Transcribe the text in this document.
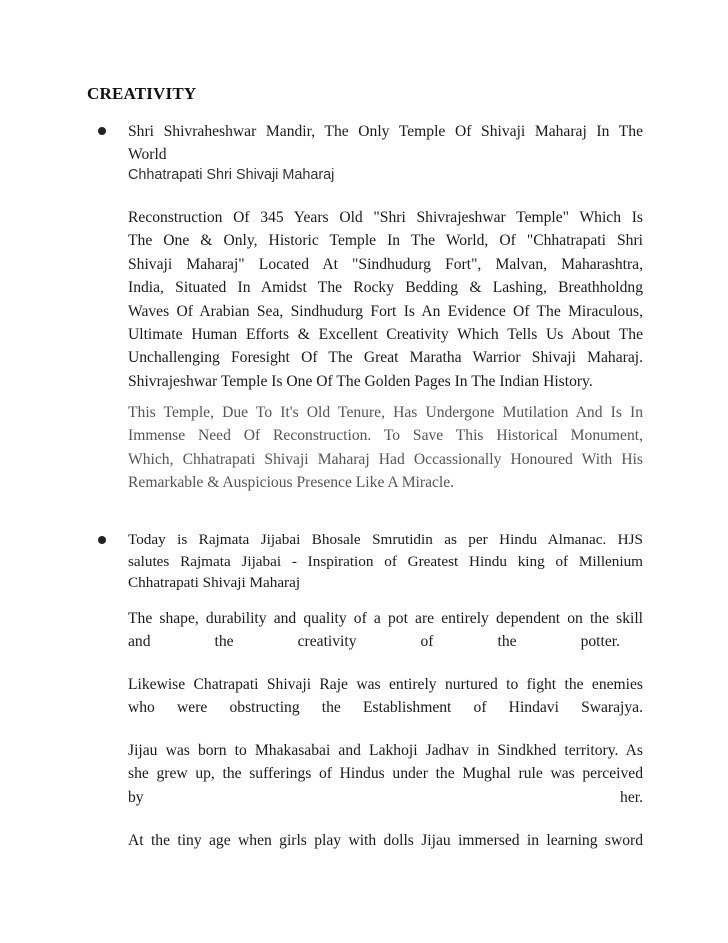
CREATIVITY
Shri Shivraheshwar Mandir, The Only Temple Of Shivaji Maharaj In The
World
Chhatrapati Shri Shivaji Maharaj
Reconstruction Of 345 Years Old "Shri Shivrajeshwar Temple" Which Is
The One & Only, Historic Temple In The World, Of "Chhatrapati Shri
Shivaji Maharaj" Located At "Sindhudurg Fort", Malvan, Maharashtra,
India, Situated In Amidst The Rocky Bedding & Lashing, Breathholdng
Waves Of Arabian Sea, Sindhudurg Fort Is An Evidence Of The Miraculous,
Ultimate Human Efforts & Excellent Creativity Which Tells Us About The
Unchallenging Foresight Of The Great Maratha Warrior Shivaji Maharaj.
Shivrajeshwar Temple Is One Of The Golden Pages In The Indian History.
This Temple, Due To It's Old Tenure, Has Undergone Mutilation And Is In
Immense Need Of Reconstruction. To Save This Historical Monument,
Which, Chhatrapati Shivaji Maharaj Had Occassionally Honoured With His
Remarkable & Auspicious Presence Like A Miracle.
Today is Rajmata Jijabai Bhosale Smrutidin as per Hindu Almanac. HJS
salutes Rajmata Jijabai - Inspiration of Greatest Hindu king of Millenium
Chhatrapati Shivaji Maharaj
The shape, durability and quality of a pot are entirely dependent on the skill
and the creativity of the potter.
Likewise Chatrapati Shivaji Raje was entirely nurtured to fight the enemies
who were obstructing the Establishment of Hindavi Swarajya.
Jijau was born to Mhakasabai and Lakhoji Jadhav in Sindkhed territory. As
she grew up, the sufferings of Hindus under the Mughal rule was perceived
by her.
At the tiny age when girls play with dolls Jijau immersed in learning sword
